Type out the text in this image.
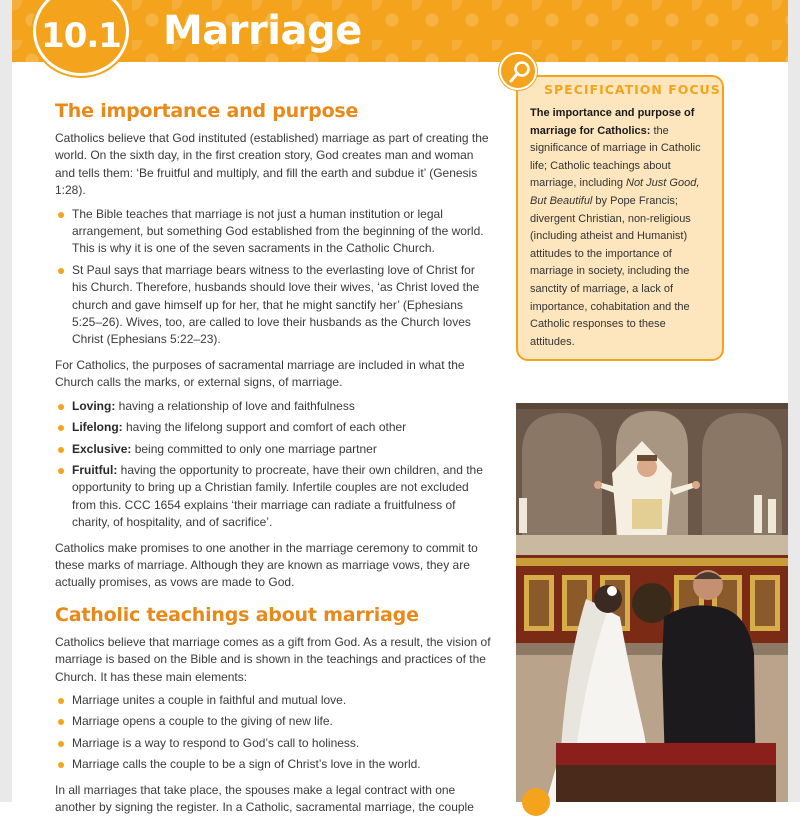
10.1 Marriage
The importance and purpose

Catholics believe that God instituted (established) marriage as part of creating the world. On the sixth day, in the first creation story, God creates man and woman and tells them: ‘Be fruitful and multiply, and fill the earth and subdue it’ (Genesis 1:28).

The Bible teaches that marriage is not just a human institution or legal arrangement, but something God established from the beginning of the world. This is why it is one of the seven sacraments in the Catholic Church.
St Paul says that marriage bears witness to the everlasting love of Christ for his Church. Therefore, husbands should love their wives, ‘as Christ loved the church and gave himself up for her, that he might sanctify her’ (Ephesians 5:25–26). Wives, too, are called to love their husbands as the Church loves Christ (Ephesians 5:22–23).

For Catholics, the purposes of sacramental marriage are included in what the Church calls the marks, or external signs, of marriage.

Loving: having a relationship of love and faithfulness
Lifelong: having the lifelong support and comfort of each other
Exclusive: being committed to only one marriage partner
Fruitful: having the opportunity to procreate, have their own children, and the opportunity to bring up a Christian family. Infertile couples are not excluded from this. CCC 1654 explains ‘their marriage can radiate a fruitfulness of charity, of hospitality, and of sacrifice’.

Catholics make promises to one another in the marriage ceremony to commit to these marks of marriage. Although they are known as marriage vows, they are actually promises, as vows are made to God.

Catholic teachings about marriage

Catholics believe that marriage comes as a gift from God. As a result, the vision of marriage is based on the Bible and is shown in the teachings and practices of the Church. It has these main elements:

Marriage unites a couple in faithful and mutual love.
Marriage opens a couple to the giving of new life.
Marriage is a way to respond to God’s call to holiness.
Marriage calls the couple to be a sign of Christ’s love in the world.

In all marriages that take place, the spouses make a legal contract with one another by signing the register. In a Catholic, sacramental marriage, the couple

SPECIFICATION FOCUS

The importance and purpose of marriage for Catholics: the significance of marriage in Catholic life; Catholic teachings about marriage, including Not Just Good, But Beautiful by Pope Francis; divergent Christian, non-religious (including atheist and Humanist) attitudes to the importance of marriage in society, including the sanctity of marriage, a lack of importance, cohabitation and the Catholic responses to these attitudes.
